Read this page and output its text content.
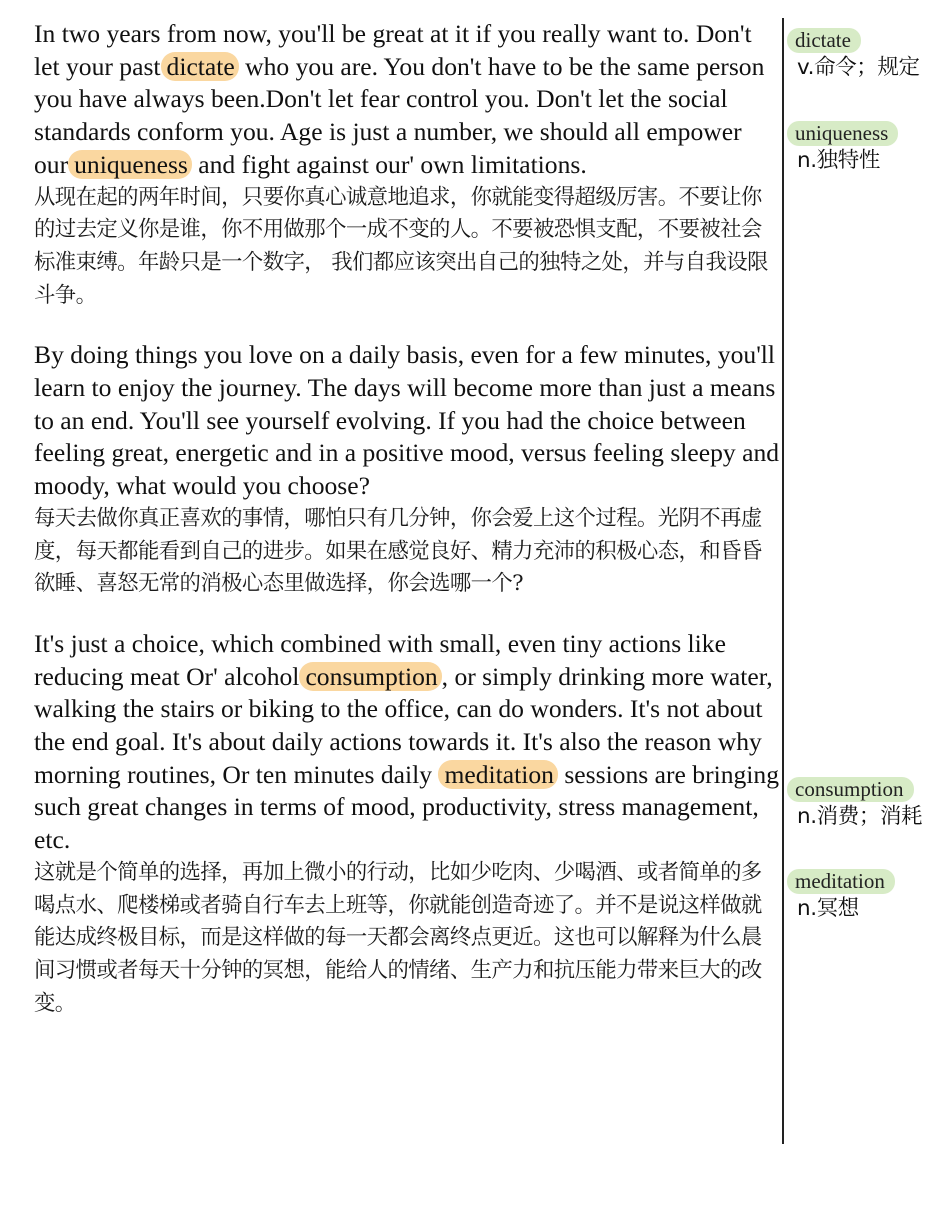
In two years from now, you'll be great at it if you really want to. Don't let your past dictate who you are. You don't have to be the same person you have always been.Don't let fear control you. Don't let the social standards conform you. Age is just a number, we should all empower our uniqueness and fight against our' own limitations.

从现在起的两年时间，只要你真心诚意地追求，你就能变得超级厉害。不要让你的过去定义你是谁，你不用做那个一成不变的人。不要被恐惧支配，不要被社会标准束缚。年龄只是一个数字， 我们都应该突出自己的独特之处，并与自我设限斗争。

By doing things you love on a daily basis, even for a few minutes, you'll learn to enjoy the journey. The days will become more than just a means to an end. You'll see yourself evolving. If you had the choice between feeling great, energetic and in a positive mood, versus feeling sleepy and moody, what would you choose?

每天去做你真正喜欢的事情，哪怕只有几分钟，你会爱上这个过程。光阴不再虚度，每天都能看到自己的进步。如果在感觉良好、精力充沛的积极心态，和昏昏欲睡、喜怒无常的消极心态里做选择，你会选哪一个?

It's just a choice, which combined with small, even tiny actions like reducing meat Or' alcohol consumption , or simply drinking more water, walking the stairs or biking to the office, can do wonders. It's not about the end goal. It's about daily actions towards it. It's also the reason why morning routines, Or ten minutes daily meditation sessions are bringing such great changes in terms of mood, productivity, stress management, etc.

这就是个简单的选择，再加上微小的行动，比如少吃肉、少喝酒、或者简单的多喝点水、爬楼梯或者骑自行车去上班等，你就能创造奇迹了。并不是说这样做就能达成终极目标，而是这样做的每一天都会离终点更近。这也可以解释为什么晨间习惯或者每天十分钟的冥想，能给人的情绪、生产力和抗压能力带来巨大的改变。

dictate
v.命令；规定
uniqueness
n.独特性
consumption
n.消费；消耗
meditation
n.冥想
